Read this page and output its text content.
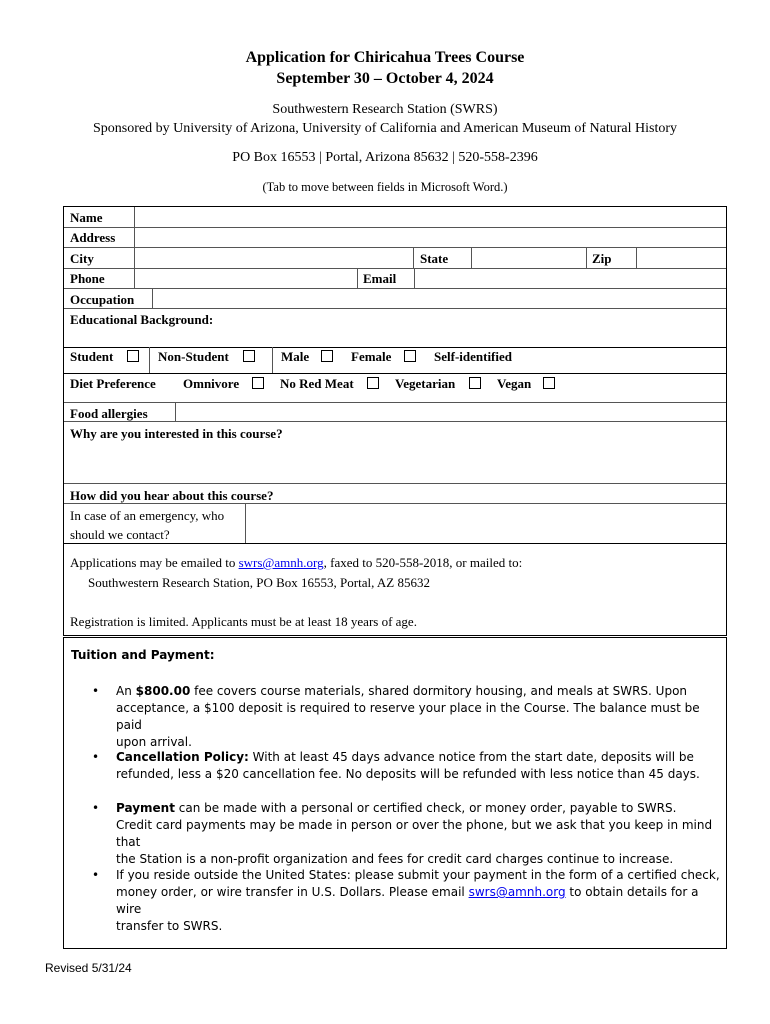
Application for Chiricahua Trees Course
September 30 – October 4, 2024
Southwestern Research Station (SWRS)
Sponsored by University of Arizona, University of California and American Museum of Natural History
PO Box 16553 | Portal, Arizona 85632 | 520-558-2396
(Tab to move between fields in Microsoft Word.)
Name
Address
City	State	Zip
Phone	Email
Occupation
Educational Background:
Student	Non-Student	Male	Female	Self-identified
Diet Preference Omnivore	No Red Meat	Vegetarian	Vegan
Food allergies
Why are you interested in this course?
How did you hear about this course?
In case of an emergency, who
should we contact?
Applications may be emailed to swrs@amnh.org, faxed to 520-558-2018, or mailed to:
Southwestern Research Station, PO Box 16553, Portal, AZ 85632
Registration is limited. Applicants must be at least 18 years of age.
Tuition and Payment:
•	An $800.00 fee covers course materials, shared dormitory housing, and meals at SWRS. Upon
acceptance, a $100 deposit is required to reserve your place in the Course. The balance must be paid
upon arrival.
•	Cancellation Policy: With at least 45 days advance notice from the start date, deposits will be
refunded, less a $20 cancellation fee. No deposits will be refunded with less notice than 45 days.
•	Payment can be made with a personal or certified check, or money order, payable to SWRS.
Credit card payments may be made in person or over the phone, but we ask that you keep in mind that
the Station is a non-profit organization and fees for credit card charges continue to increase.
•	If you reside outside the United States: please submit your payment in the form of a certified check,
money order, or wire transfer in U.S. Dollars. Please email swrs@amnh.org to obtain details for a wire
transfer to SWRS.
Revised 5/31/24
